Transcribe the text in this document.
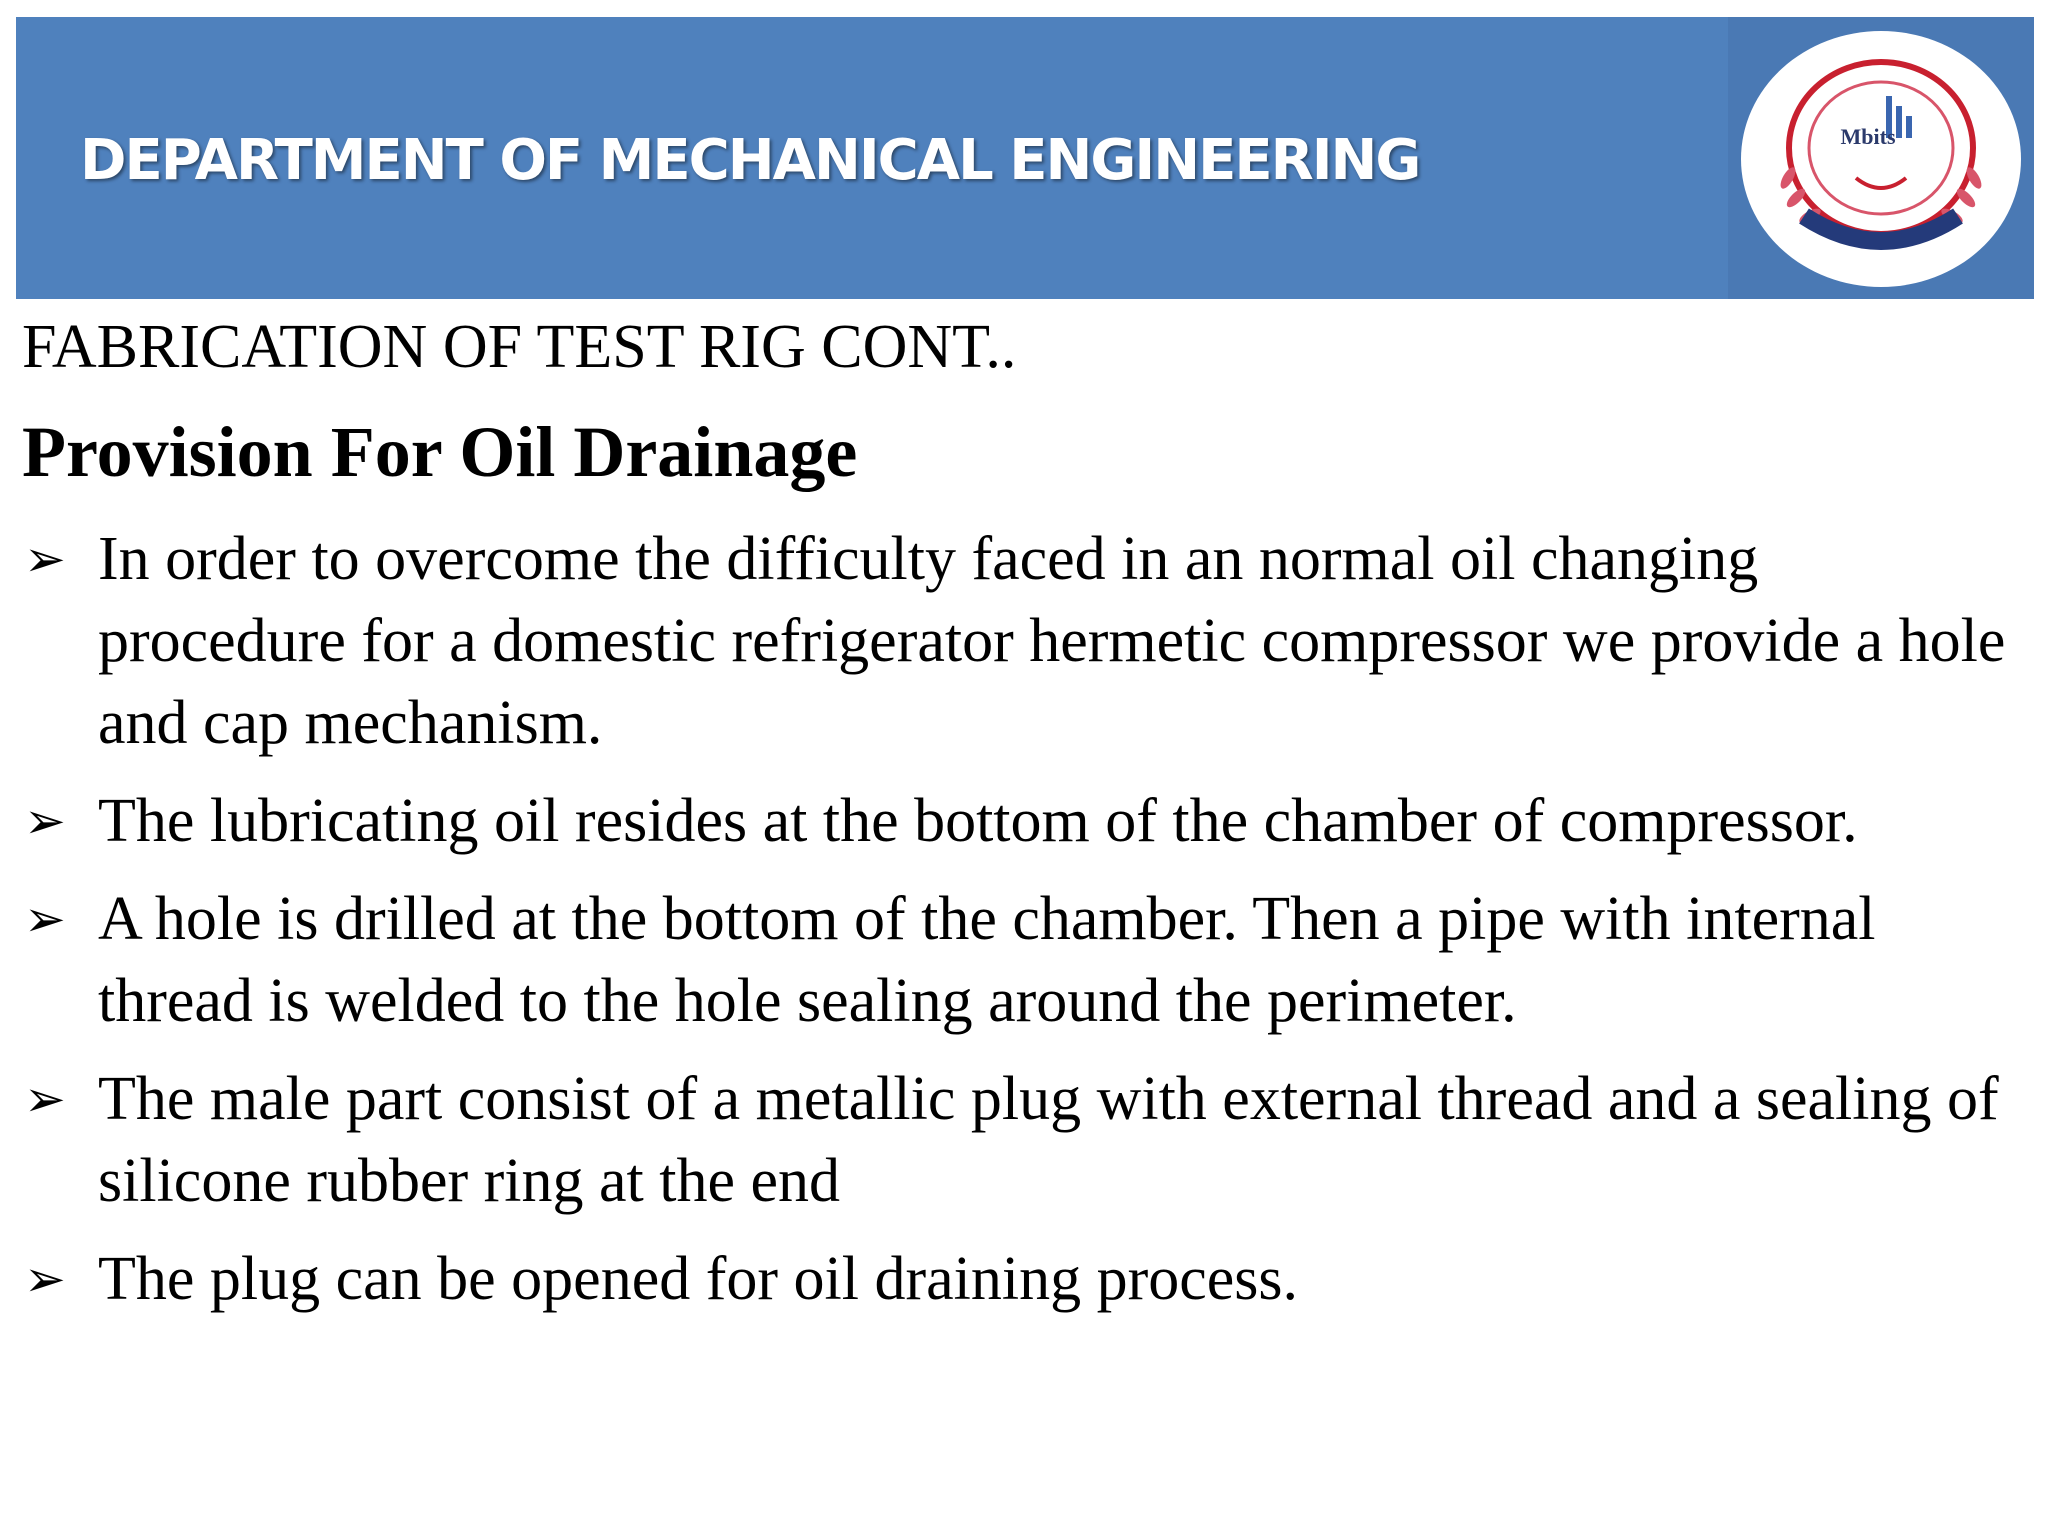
DEPARTMENT OF MECHANICAL ENGINEERING	Mbits
FABRICATION OF TEST RIG CONT..
Provision For Oil Drainage
➢ In order to overcome the difficulty faced in an normal oil changing procedure for a domestic refrigerator hermetic compressor we provide a hole and cap mechanism.
➢ The lubricating oil resides at the bottom of the chamber of compressor.
➢ A hole is drilled at the bottom of the chamber. Then a pipe with internal thread is welded to the hole sealing around the perimeter.
➢ The male part consist of a metallic plug with external thread and a sealing of silicone rubber ring at the end
➢ The plug can be opened for oil draining process.
